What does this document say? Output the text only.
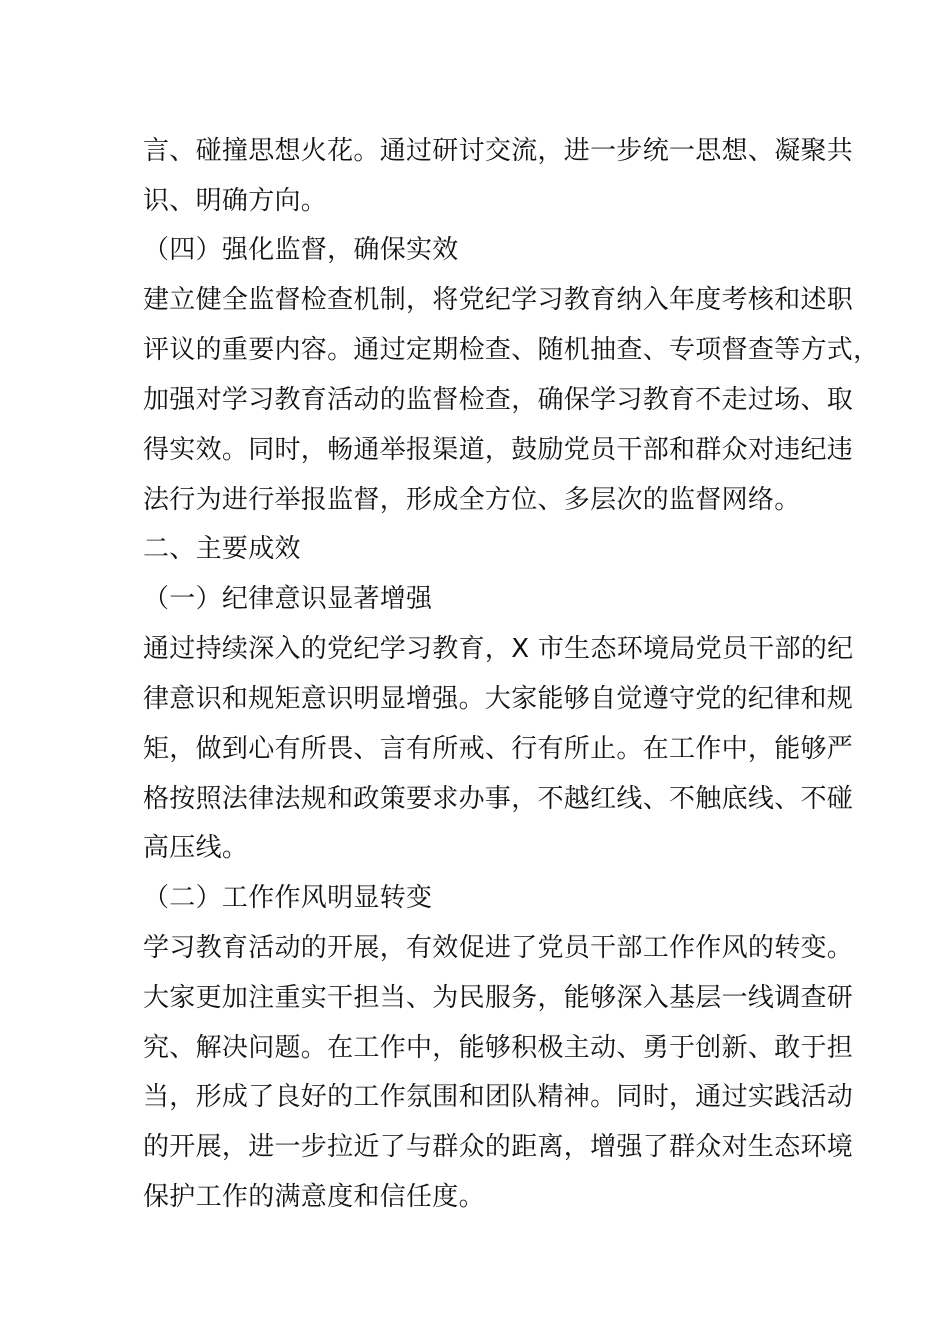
言、碰撞思想火花。通过研讨交流，进一步统一思想、凝聚共
识、明确方向。
（四）强化监督，确保实效
建立健全监督检查机制，将党纪学习教育纳入年度考核和述职
评议的重要内容。通过定期检查、随机抽查、专项督查等方式，
加强对学习教育活动的监督检查，确保学习教育不走过场、取
得实效。同时，畅通举报渠道，鼓励党员干部和群众对违纪违
法行为进行举报监督，形成全方位、多层次的监督网络。
二、主要成效
（一）纪律意识显著增强
通过持续深入的党纪学习教育，X 市生态环境局党员干部的纪
律意识和规矩意识明显增强。大家能够自觉遵守党的纪律和规
矩，做到心有所畏、言有所戒、行有所止。在工作中，能够严
格按照法律法规和政策要求办事，不越红线、不触底线、不碰
高压线。
（二）工作作风明显转变
学习教育活动的开展，有效促进了党员干部工作作风的转变。
大家更加注重实干担当、为民服务，能够深入基层一线调查研
究、解决问题。在工作中，能够积极主动、勇于创新、敢于担
当，形成了良好的工作氛围和团队精神。同时，通过实践活动
的开展，进一步拉近了与群众的距离，增强了群众对生态环境
保护工作的满意度和信任度。
